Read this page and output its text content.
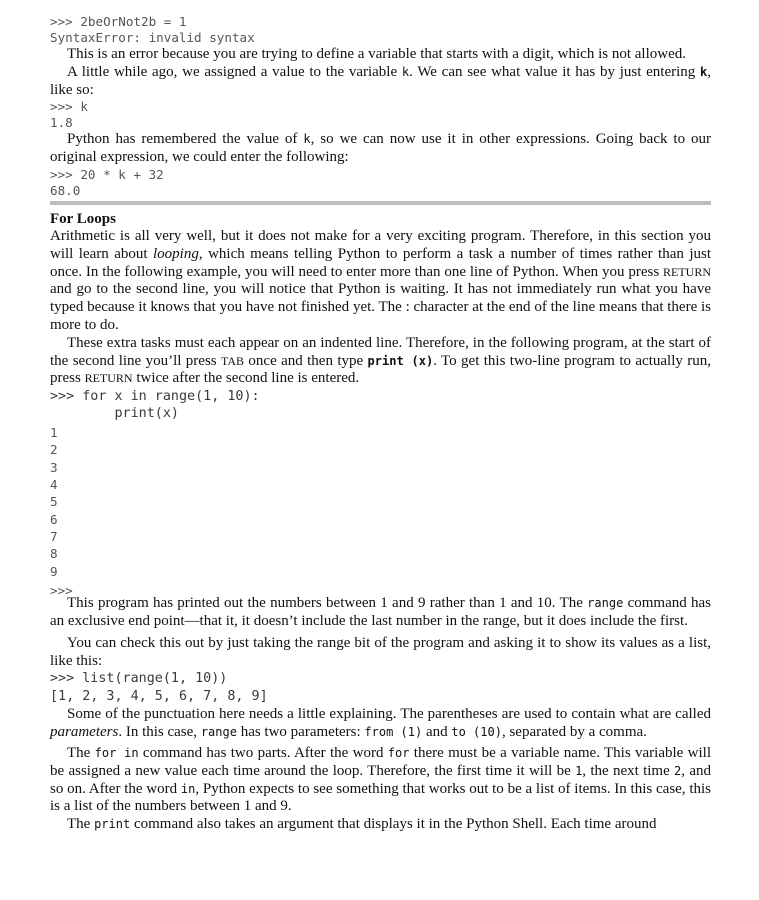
>>> 2beOrNot2b = 1
SyntaxError: invalid syntax

This is an error because you are trying to define a variable that starts with a digit, which is not allowed.

A little while ago, we assigned a value to the variable k. We can see what value it has by just entering k, like so:

>>> k
1.8

Python has remembered the value of k, so we can now use it in other expressions. Going back to our original expression, we could enter the following:

>>> 20 * k + 32
68.0
For Loops

Arithmetic is all very well, but it does not make for a very exciting program. Therefore, in this section you will learn about looping, which means telling Python to perform a task a number of times rather than just once. In the following example, you will need to enter more than one line of Python. When you press RETURN and go to the second line, you will notice that Python is waiting. It has not immediately run what you have typed because it knows that you have not finished yet. The : character at the end of the line means that there is more to do.

These extra tasks must each appear on an indented line. Therefore, in the following program, at the start of the second line you’ll press TAB once and then type print (x). To get this two-line program to actually run, press RETURN twice after the second line is entered.

>>> for x in range(1, 10):
print(x)
1
2
3
4
5
6
7
8
9
>>>

This program has printed out the numbers between 1 and 9 rather than 1 and 10. The range command has an exclusive end point—that it, it doesn’t include the last number in the range, but it does include the first.

You can check this out by just taking the range bit of the program and asking it to show its values as a list, like this:

>>> list(range(1, 10))
[1, 2, 3, 4, 5, 6, 7, 8, 9]

Some of the punctuation here needs a little explaining. The parentheses are used to contain what are called parameters. In this case, range has two parameters: from (1) and to (10), separated by a comma.

The for in command has two parts. After the word for there must be a variable name. This variable will be assigned a new value each time around the loop. Therefore, the first time it will be 1, the next time 2, and so on. After the word in, Python expects to see something that works out to be a list of items. In this case, this is a list of the numbers between 1 and 9.

The print command also takes an argument that displays it in the Python Shell. Each time around
